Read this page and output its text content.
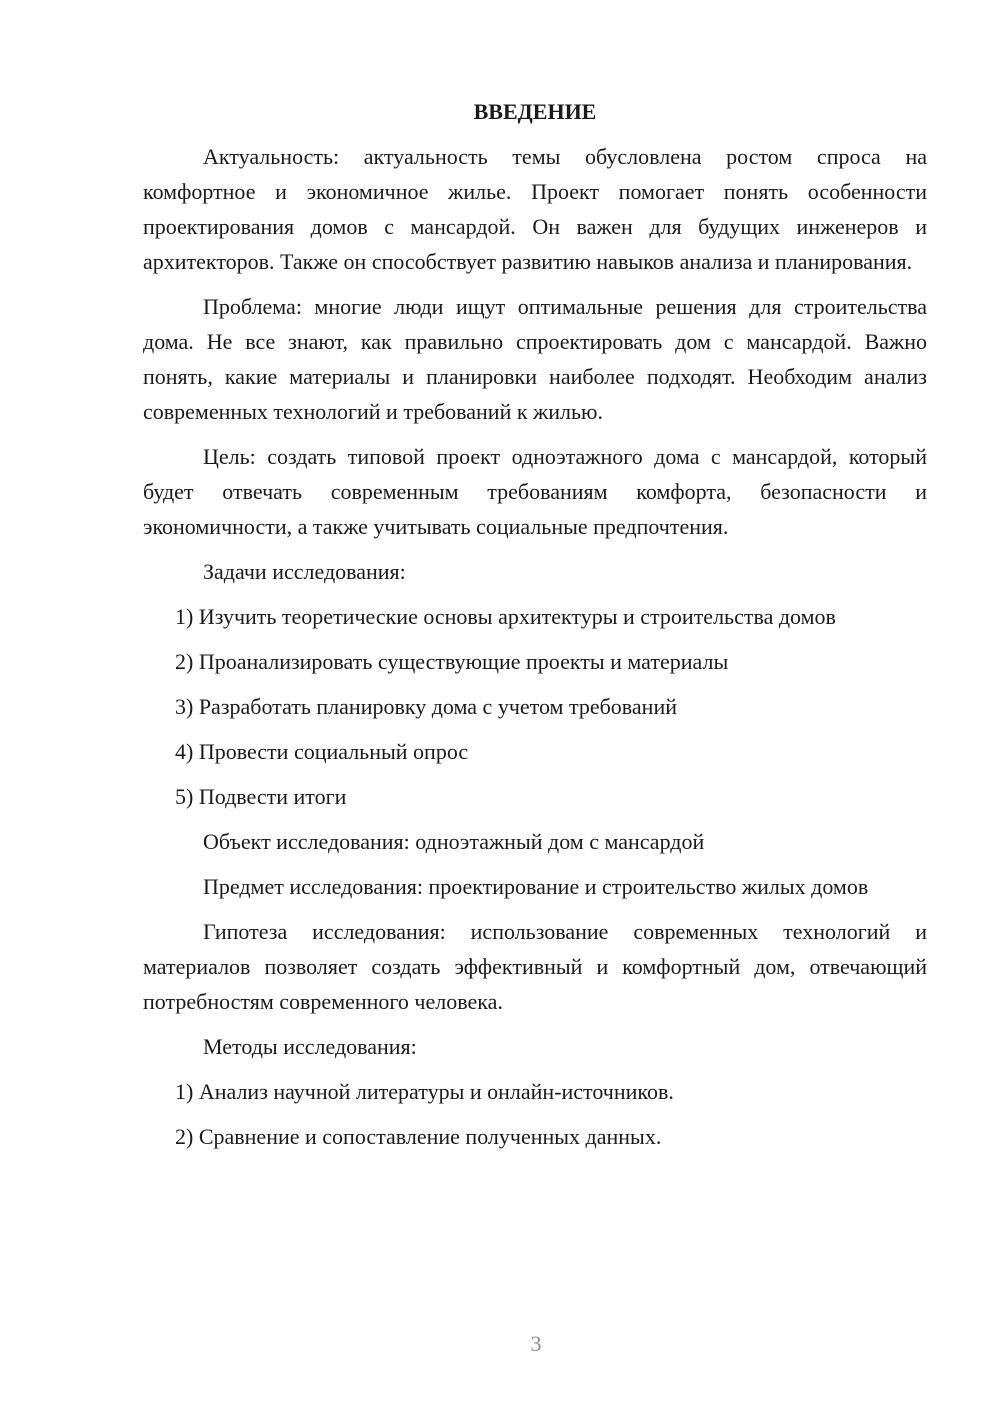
ВВЕДЕНИЕ

Актуальность: актуальность темы обусловлена ростом спроса на комфортное и экономичное жилье. Проект помогает понять особенности проектирования домов с мансардой. Он важен для будущих инженеров и архитекторов. Также он способствует развитию навыков анализа и планирования.

Проблема: многие люди ищут оптимальные решения для строительства дома. Не все знают, как правильно спроектировать дом с мансардой. Важно понять, какие материалы и планировки наиболее подходят. Необходим анализ современных технологий и требований к жилью.

Цель: создать типовой проект одноэтажного дома с мансардой, который будет отвечать современным требованиям комфорта, безопасности и экономичности, а также учитывать социальные предпочтения.

Задачи исследования:

1) Изучить теоретические основы архитектуры и строительства домов
2) Проанализировать существующие проекты и материалы
3) Разработать планировку дома с учетом требований
4) Провести социальный опрос
5) Подвести итоги

Объект исследования: одноэтажный дом с мансардой

Предмет исследования: проектирование и строительство жилых домов

Гипотеза исследования: использование современных технологий и материалов позволяет создать эффективный и комфортный дом, отвечающий потребностям современного человека.

Методы исследования:

1) Анализ научной литературы и онлайн-источников.
2) Сравнение и сопоставление полученных данных.
3
